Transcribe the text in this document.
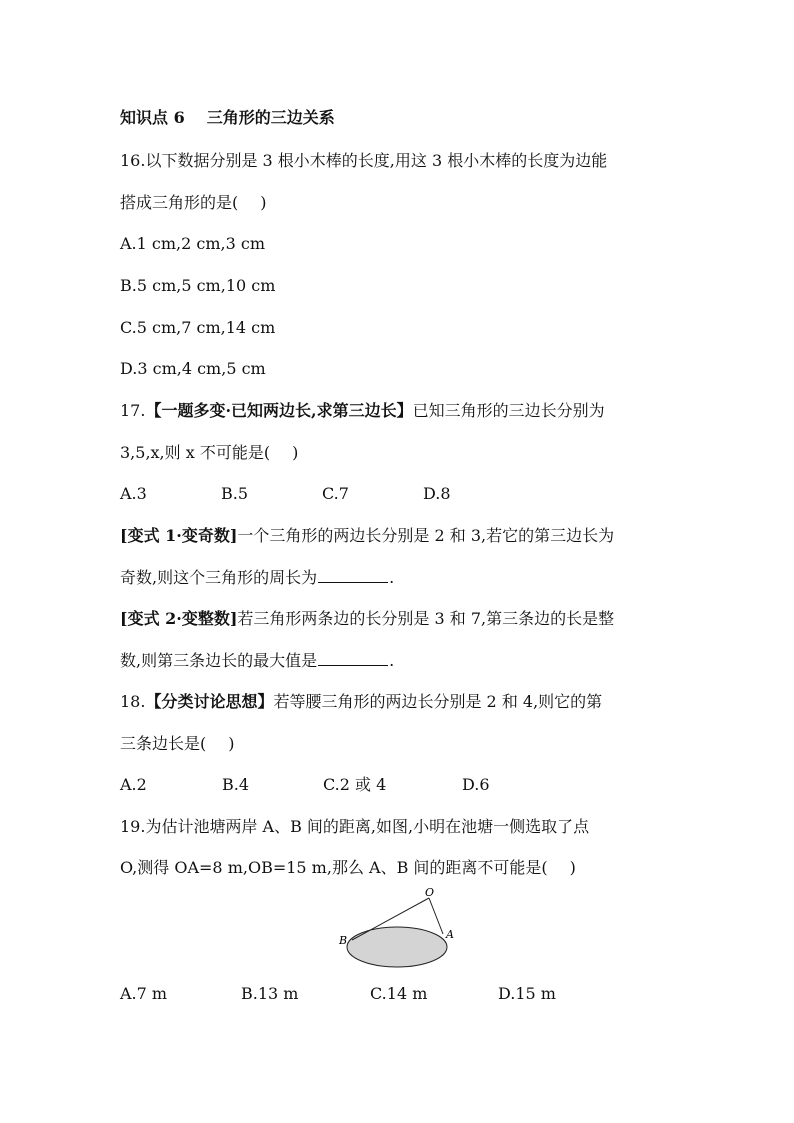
知识点 6 三角形的三边关系
16.以下数据分别是 3 根小木棒的长度,用这 3 根小木棒的长度为边能
搭成三角形的是( )
A.1 cm,2 cm,3 cm
B.5 cm,5 cm,10 cm
C.5 cm,7 cm,14 cm
D.3 cm,4 cm,5 cm
17.【一题多变·已知两边长,求第三边长】已知三角形的三边长分别为
3,5,x,则 x 不可能是( )
A.3	B.5	C.7	D.8
[变式 1·变奇数]一个三角形的两边长分别是 2 和 3,若它的第三边长为
奇数,则这个三角形的周长为	.
[变式 2·变整数]若三角形两条边的长分别是 3 和 7,第三条边的长是整
数,则第三条边长的最大值是	.
18.【分类讨论思想】若等腰三角形的两边长分别是 2 和 4,则它的第
三条边长是( )
A.2	B.4	C.2 或 4	D.6
19.为估计池塘两岸 A、B 间的距离,如图,小明在池塘一侧选取了点
O,测得 OA=8 m,OB=15 m,那么 A、B 间的距离不可能是( )
O
A
B
A.7 m	B.13 m	C.14 m	D.15 m
